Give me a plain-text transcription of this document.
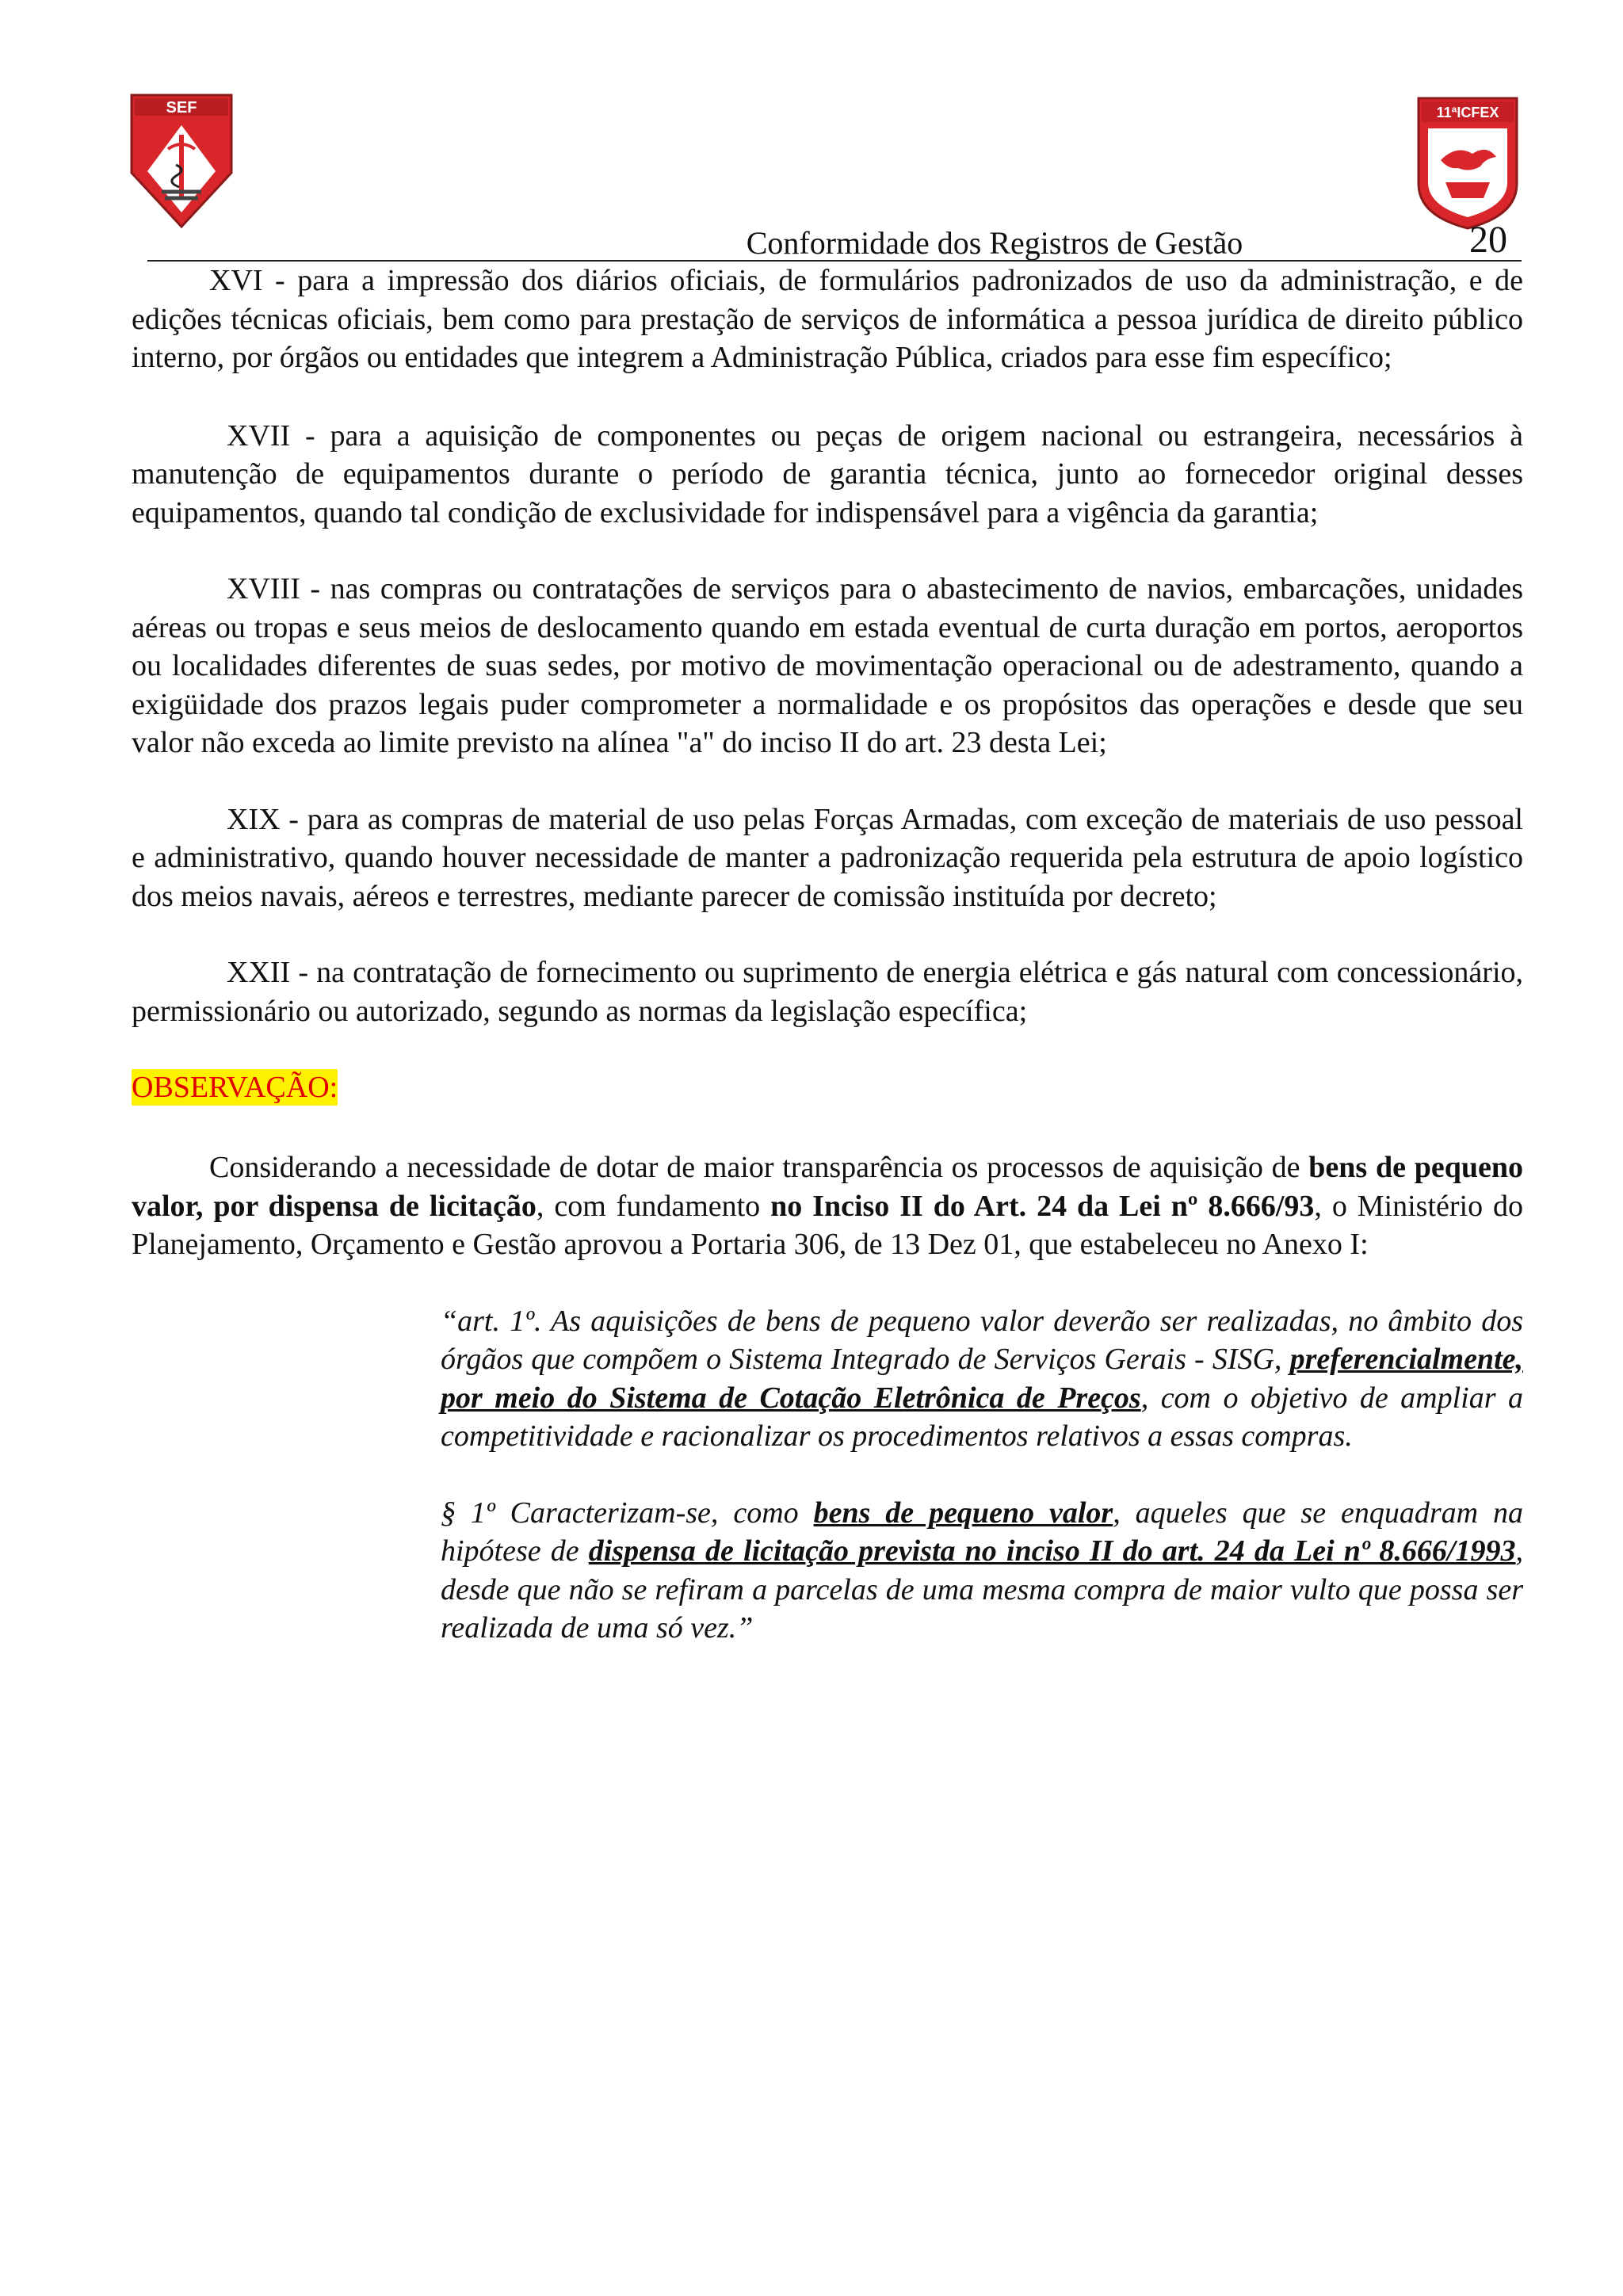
SEF	11ªICFEX
Conformidade dos Registros de Gestão	20

XVI - para a impressão dos diários oficiais, de formulários padronizados de uso da administração, e de edições técnicas oficiais, bem como para prestação de serviços de informática a pessoa jurídica de direito público interno, por órgãos ou entidades que integrem a Administração Pública, criados para esse fim específico;

XVII - para a aquisição de componentes ou peças de origem nacional ou estrangeira, necessários à manutenção de equipamentos durante o período de garantia técnica, junto ao fornecedor original desses equipamentos, quando tal condição de exclusividade for indispensável para a vigência da garantia;

XVIII - nas compras ou contratações de serviços para o abastecimento de navios, embarcações, unidades aéreas ou tropas e seus meios de deslocamento quando em estada eventual de curta duração em portos, aeroportos ou localidades diferentes de suas sedes, por motivo de movimentação operacional ou de adestramento, quando a exigüidade dos prazos legais puder comprometer a normalidade e os propósitos das operações e desde que seu valor não exceda ao limite previsto na alínea "a" do inciso II do art. 23 desta Lei;

XIX - para as compras de material de uso pelas Forças Armadas, com exceção de materiais de uso pessoal e administrativo, quando houver necessidade de manter a padronização requerida pela estrutura de apoio logístico dos meios navais, aéreos e terrestres, mediante parecer de comissão instituída por decreto;

XXII - na contratação de fornecimento ou suprimento de energia elétrica e gás natural com concessionário, permissionário ou autorizado, segundo as normas da legislação específica;

OBSERVAÇÃO:

Considerando a necessidade de dotar de maior transparência os processos de aquisição de bens de pequeno valor, por dispensa de licitação, com fundamento no Inciso II do Art. 24 da Lei nº 8.666/93, o Ministério do Planejamento, Orçamento e Gestão aprovou a Portaria 306, de 13 Dez 01, que estabeleceu no Anexo I:

“art. 1º. As aquisições de bens de pequeno valor deverão ser realizadas, no âmbito dos órgãos que compõem o Sistema Integrado de Serviços Gerais - SISG, preferencialmente, por meio do Sistema de Cotação Eletrônica de Preços, com o objetivo de ampliar a competitividade e racionalizar os procedimentos relativos a essas compras.

§ 1º Caracterizam-se, como bens de pequeno valor, aqueles que se enquadram na hipótese de dispensa de licitação prevista no inciso II do art. 24 da Lei nº 8.666/1993, desde que não se refiram a parcelas de uma mesma compra de maior vulto que possa ser realizada de uma só vez.”
